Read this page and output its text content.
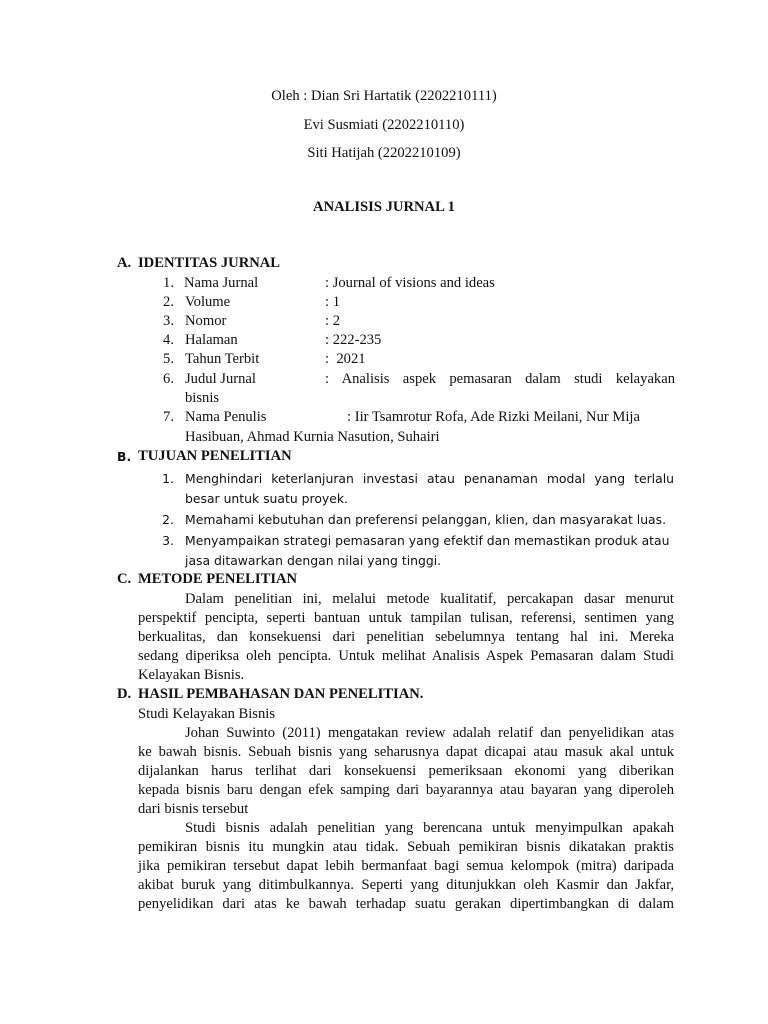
Oleh : Dian Sri Hartatik (2202210111)
Evi Susmiati (2202210110)
Siti Hatijah (2202210109)
ANALISIS JURNAL 1
A. IDENTITAS JURNAL
1. Nama Jurnal	: Journal of visions and ideas
2. Volume	: 1
3. Nomor	: 2
4. Halaman	: 222-235
5. Tahun Terbit	:  2021
6. Judul Jurnal	: Analisis aspek pemasaran dalam studi kelayakan
bisnis
7. Nama Penulis	: Iir Tsamrotur Rofa, Ade Rizki Meilani, Nur Mija
Hasibuan, Ahmad Kurnia Nasution, Suhairi
B. TUJUAN PENELITIAN
1. Menghindari keterlanjuran investasi atau penanaman modal yang terlalu
besar untuk suatu proyek.
2. Memahami kebutuhan dan preferensi pelanggan, klien, dan masyarakat luas.
3. Menyampaikan strategi pemasaran yang efektif dan memastikan produk atau
jasa ditawarkan dengan nilai yang tinggi.
C. METODE PENELITIAN
Dalam penelitian ini, melalui metode kualitatif, percakapan dasar menurut
perspektif pencipta, seperti bantuan untuk tampilan tulisan, referensi, sentimen yang
berkualitas, dan konsekuensi dari penelitian sebelumnya tentang hal ini. Mereka
sedang diperiksa oleh pencipta. Untuk melihat Analisis Aspek Pemasaran dalam Studi
Kelayakan Bisnis.
D. HASIL PEMBAHASAN DAN PENELITIAN.
Studi Kelayakan Bisnis
Johan Suwinto (2011) mengatakan review adalah relatif dan penyelidikan atas
ke bawah bisnis. Sebuah bisnis yang seharusnya dapat dicapai atau masuk akal untuk
dijalankan harus terlihat dari konsekuensi pemeriksaan ekonomi yang diberikan
kepada bisnis baru dengan efek samping dari bayarannya atau bayaran yang diperoleh
dari bisnis tersebut
Studi bisnis adalah penelitian yang berencana untuk menyimpulkan apakah
pemikiran bisnis itu mungkin atau tidak. Sebuah pemikiran bisnis dikatakan praktis
jika pemikiran tersebut dapat lebih bermanfaat bagi semua kelompok (mitra) daripada
akibat buruk yang ditimbulkannya. Seperti yang ditunjukkan oleh Kasmir dan Jakfar,
penyelidikan dari atas ke bawah terhadap suatu gerakan dipertimbangkan di dalam
